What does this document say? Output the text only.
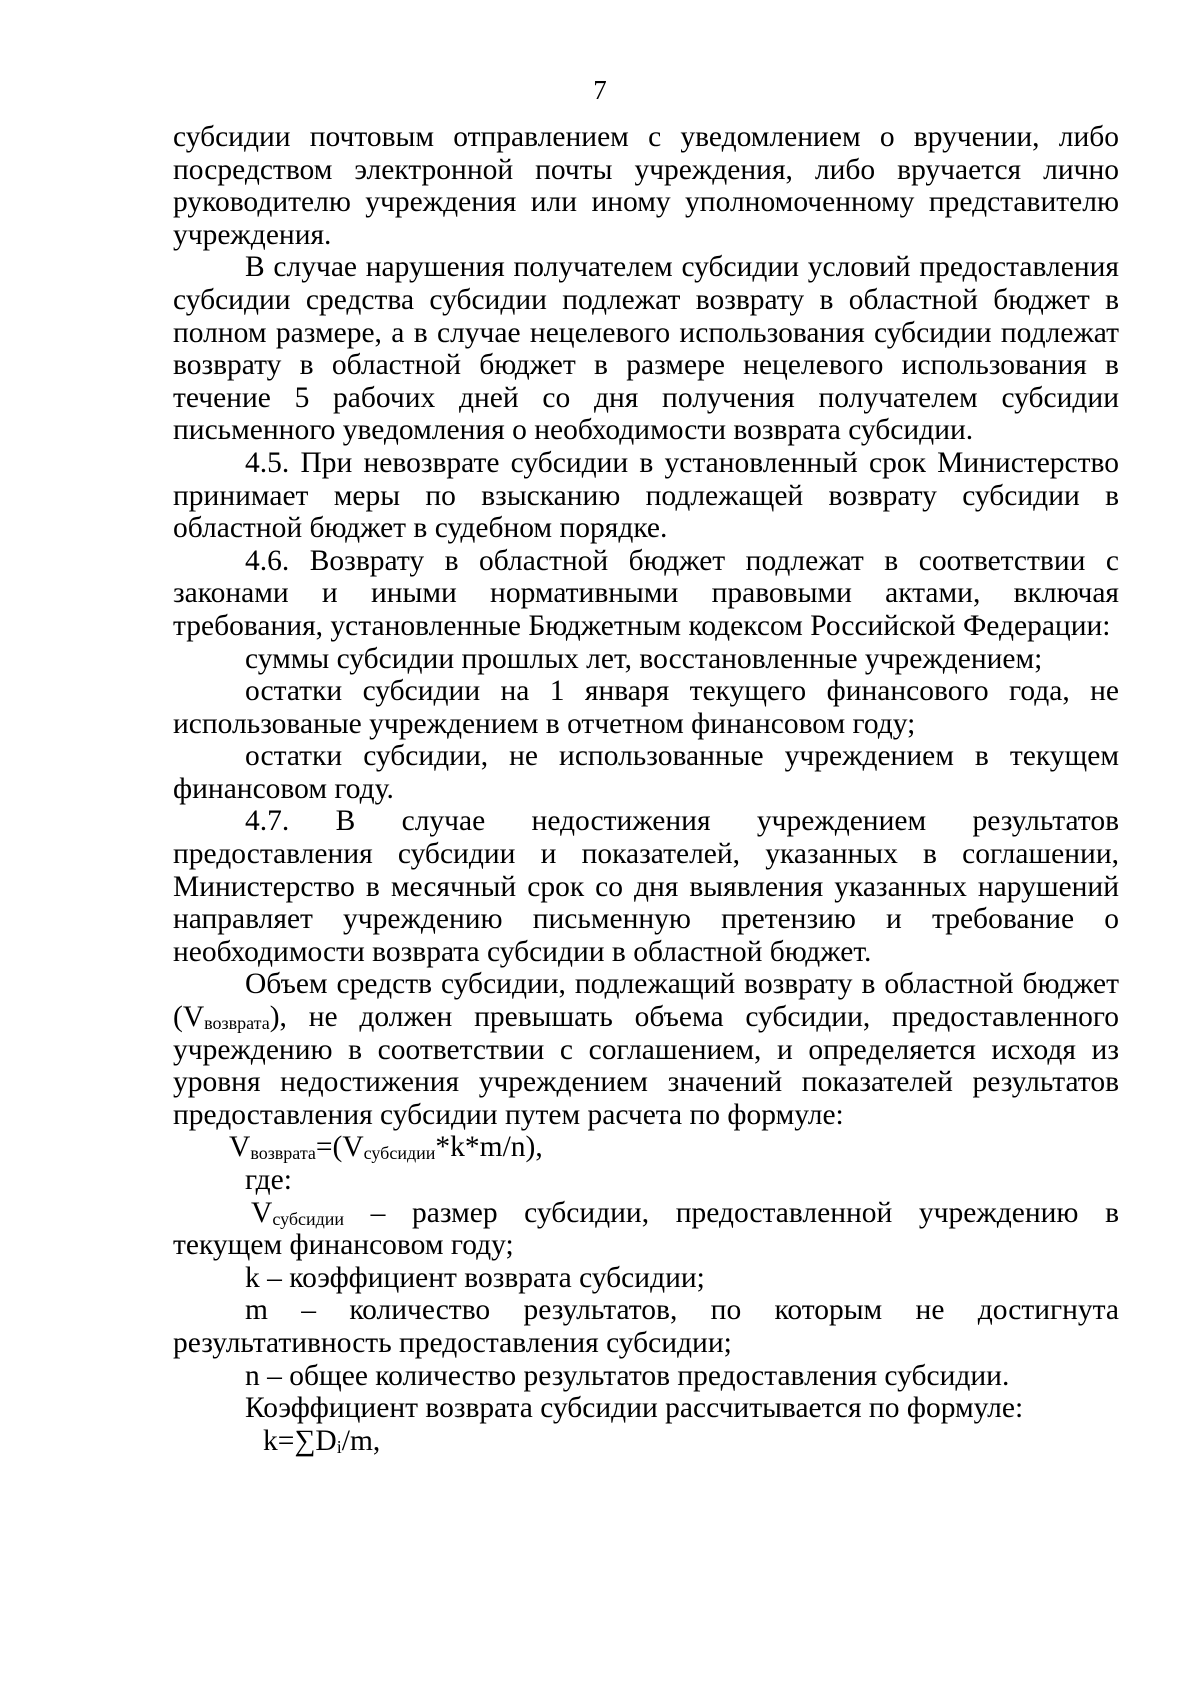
7

субсидии почтовым отправлением с уведомлением о вручении, либо посредством электронной почты учреждения, либо вручается лично руководителю учреждения или иному уполномоченному представителю учреждения.

В случае нарушения получателем субсидии условий предоставления субсидии средства субсидии подлежат возврату в областной бюджет в полном размере, а в случае нецелевого использования субсидии подлежат возврату в областной бюджет в размере нецелевого использования в течение 5 рабочих дней со дня получения получателем субсидии письменного уведомления о необходимости возврата субсидии.

4.5. При невозврате субсидии в установленный срок Министерство принимает меры по взысканию подлежащей возврату субсидии в областной бюджет в судебном порядке.

4.6. Возврату в областной бюджет подлежат в соответствии с законами и иными нормативными правовыми актами, включая требования, установленные Бюджетным кодексом Российской Федерации:

суммы субсидии прошлых лет, восстановленные учреждением;

остатки субсидии на 1 января текущего финансового года, не использованые учреждением в отчетном финансовом году;

остатки субсидии, не использованные учреждением в текущем финансовом году.

4.7. В случае недостижения учреждением результатов предоставления субсидии и показателей, указанных в соглашении, Министерство в месячный срок со дня выявления указанных нарушений направляет учреждению письменную претензию и требование о необходимости возврата субсидии в областной бюджет.

Объем средств субсидии, подлежащий возврату в областной бюджет $(V_{возврата})$, не должен превышать объема субсидии, предоставленного учреждению в соответствии с соглашением, и определяется исходя из уровня недостижения учреждением значений показателей результатов предоставления субсидии путем расчета по формуле:

$V_{возврата}=(V_{субсидии}*k*m/n)$,

где:

$V_{субсидии}$ – размер субсидии, предоставленной учреждению в текущем финансовом году;

k – коэффициент возврата субсидии;

m – количество результатов, по которым не достигнута результативность предоставления субсидии;

n – общее количество результатов предоставления субсидии.

Коэффициент возврата субсидии рассчитывается по формуле:

$k=\sum D_i/m$,
